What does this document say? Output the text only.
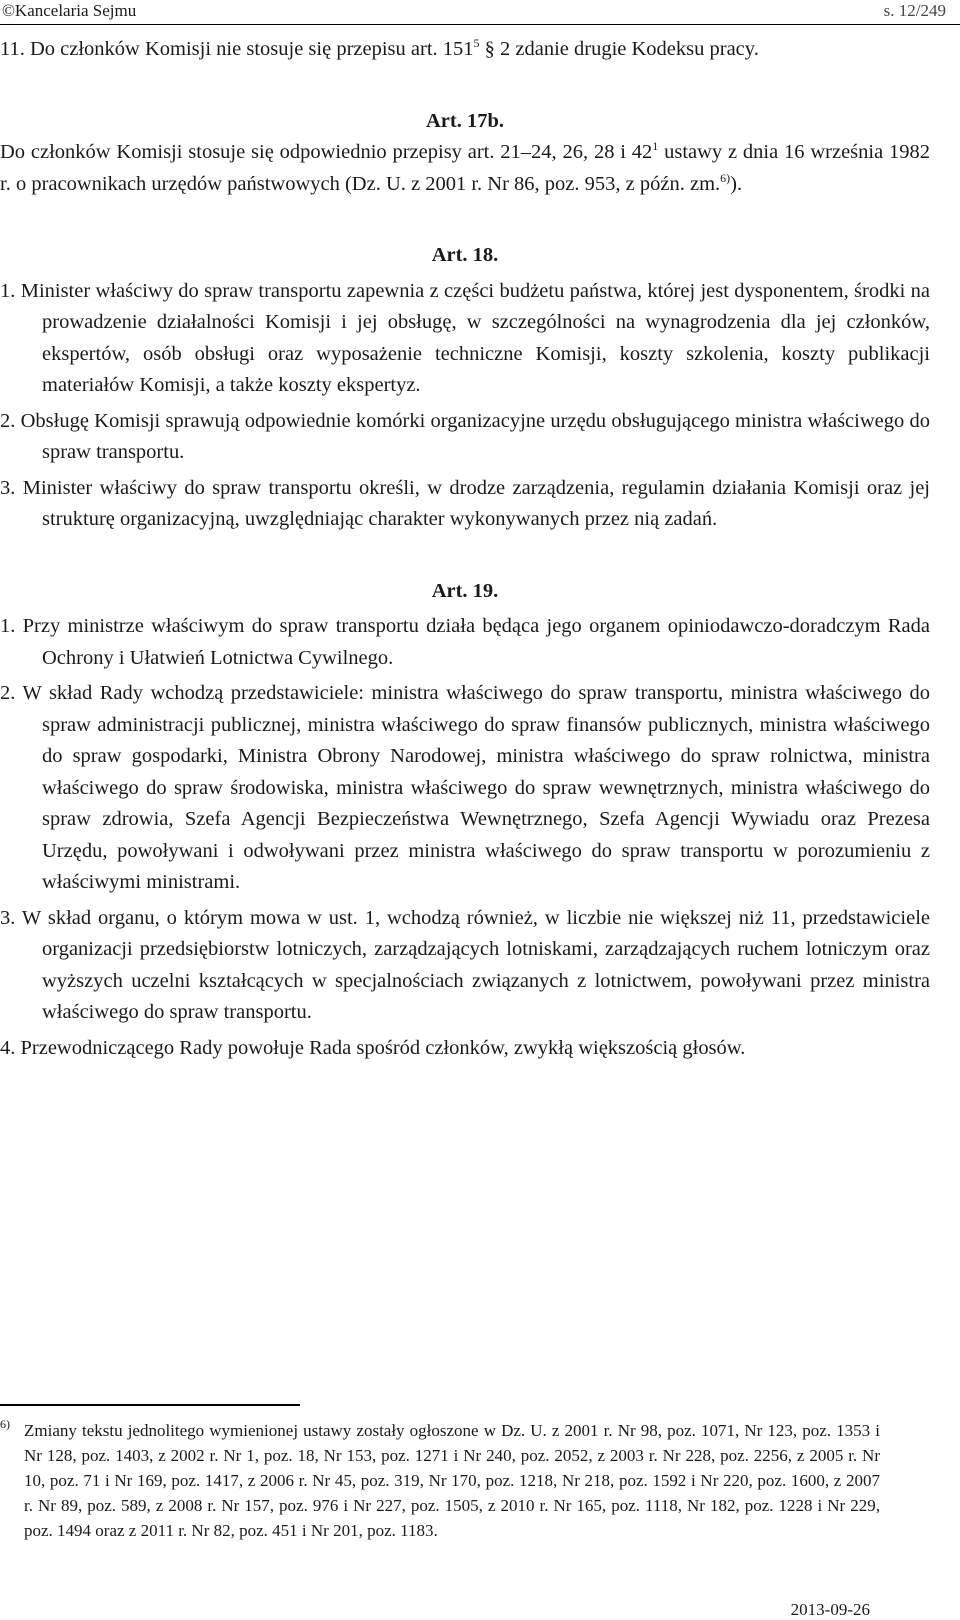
©Kancelaria Sejmu	s. 12/249

11. Do członków Komisji nie stosuje się przepisu art. $151^5$ § 2 zdanie drugie Kodeksu pracy.

Art. 17b.

Do członków Komisji stosuje się odpowiednio przepisy art. 21–24, 26, 28 i $42^1$ ustawy z dnia 16 września 1982 r. o pracownikach urzędów państwowych (Dz. U. z 2001 r. Nr 86, poz. 953, z późn. zm.$^{6)}$).

Art. 18.

1. Minister właściwy do spraw transportu zapewnia z części budżetu państwa, której jest dysponentem, środki na prowadzenie działalności Komisji i jej obsługę, w szczególności na wynagrodzenia dla jej członków, ekspertów, osób obsługi oraz wyposażenie techniczne Komisji, koszty szkolenia, koszty publikacji materiałów Komisji, a także koszty ekspertyz.

2. Obsługę Komisji sprawują odpowiednie komórki organizacyjne urzędu obsługującego ministra właściwego do spraw transportu.

3. Minister właściwy do spraw transportu określi, w drodze zarządzenia, regulamin działania Komisji oraz jej strukturę organizacyjną, uwzględniając charakter wykonywanych przez nią zadań.

Art. 19.

1. Przy ministrze właściwym do spraw transportu działa będąca jego organem opiniodawczo-doradczym Rada Ochrony i Ułatwień Lotnictwa Cywilnego.

2. W skład Rady wchodzą przedstawiciele: ministra właściwego do spraw transportu, ministra właściwego do spraw administracji publicznej, ministra właściwego do spraw finansów publicznych, ministra właściwego do spraw gospodarki, Ministra Obrony Narodowej, ministra właściwego do spraw rolnictwa, ministra właściwego do spraw środowiska, ministra właściwego do spraw wewnętrznych, ministra właściwego do spraw zdrowia, Szefa Agencji Bezpieczeństwa Wewnętrznego, Szefa Agencji Wywiadu oraz Prezesa Urzędu, powoływani i odwoływani przez ministra właściwego do spraw transportu w porozumieniu z właściwymi ministrami.

3. W skład organu, o którym mowa w ust. 1, wchodzą również, w liczbie nie większej niż 11, przedstawiciele organizacji przedsiębiorstw lotniczych, zarządzających lotniskami, zarządzających ruchem lotniczym oraz wyższych uczelni kształcących w specjalnościach związanych z lotnictwem, powoływani przez ministra właściwego do spraw transportu.

4. Przewodniczącego Rady powołuje Rada spośród członków, zwykłą większością głosów.

6) Zmiany tekstu jednolitego wymienionej ustawy zostały ogłoszone w Dz. U. z 2001 r. Nr 98, poz. 1071, Nr 123, poz. 1353 i Nr 128, poz. 1403, z 2002 r. Nr 1, poz. 18, Nr 153, poz. 1271 i Nr 240, poz. 2052, z 2003 r. Nr 228, poz. 2256, z 2005 r. Nr 10, poz. 71 i Nr 169, poz. 1417, z 2006 r. Nr 45, poz. 319, Nr 170, poz. 1218, Nr 218, poz. 1592 i Nr 220, poz. 1600, z 2007 r. Nr 89, poz. 589, z 2008 r. Nr 157, poz. 976 i Nr 227, poz. 1505, z 2010 r. Nr 165, poz. 1118, Nr 182, poz. 1228 i Nr 229, poz. 1494 oraz z 2011 r. Nr 82, poz. 451 i Nr 201, poz. 1183.
2013-09-26
